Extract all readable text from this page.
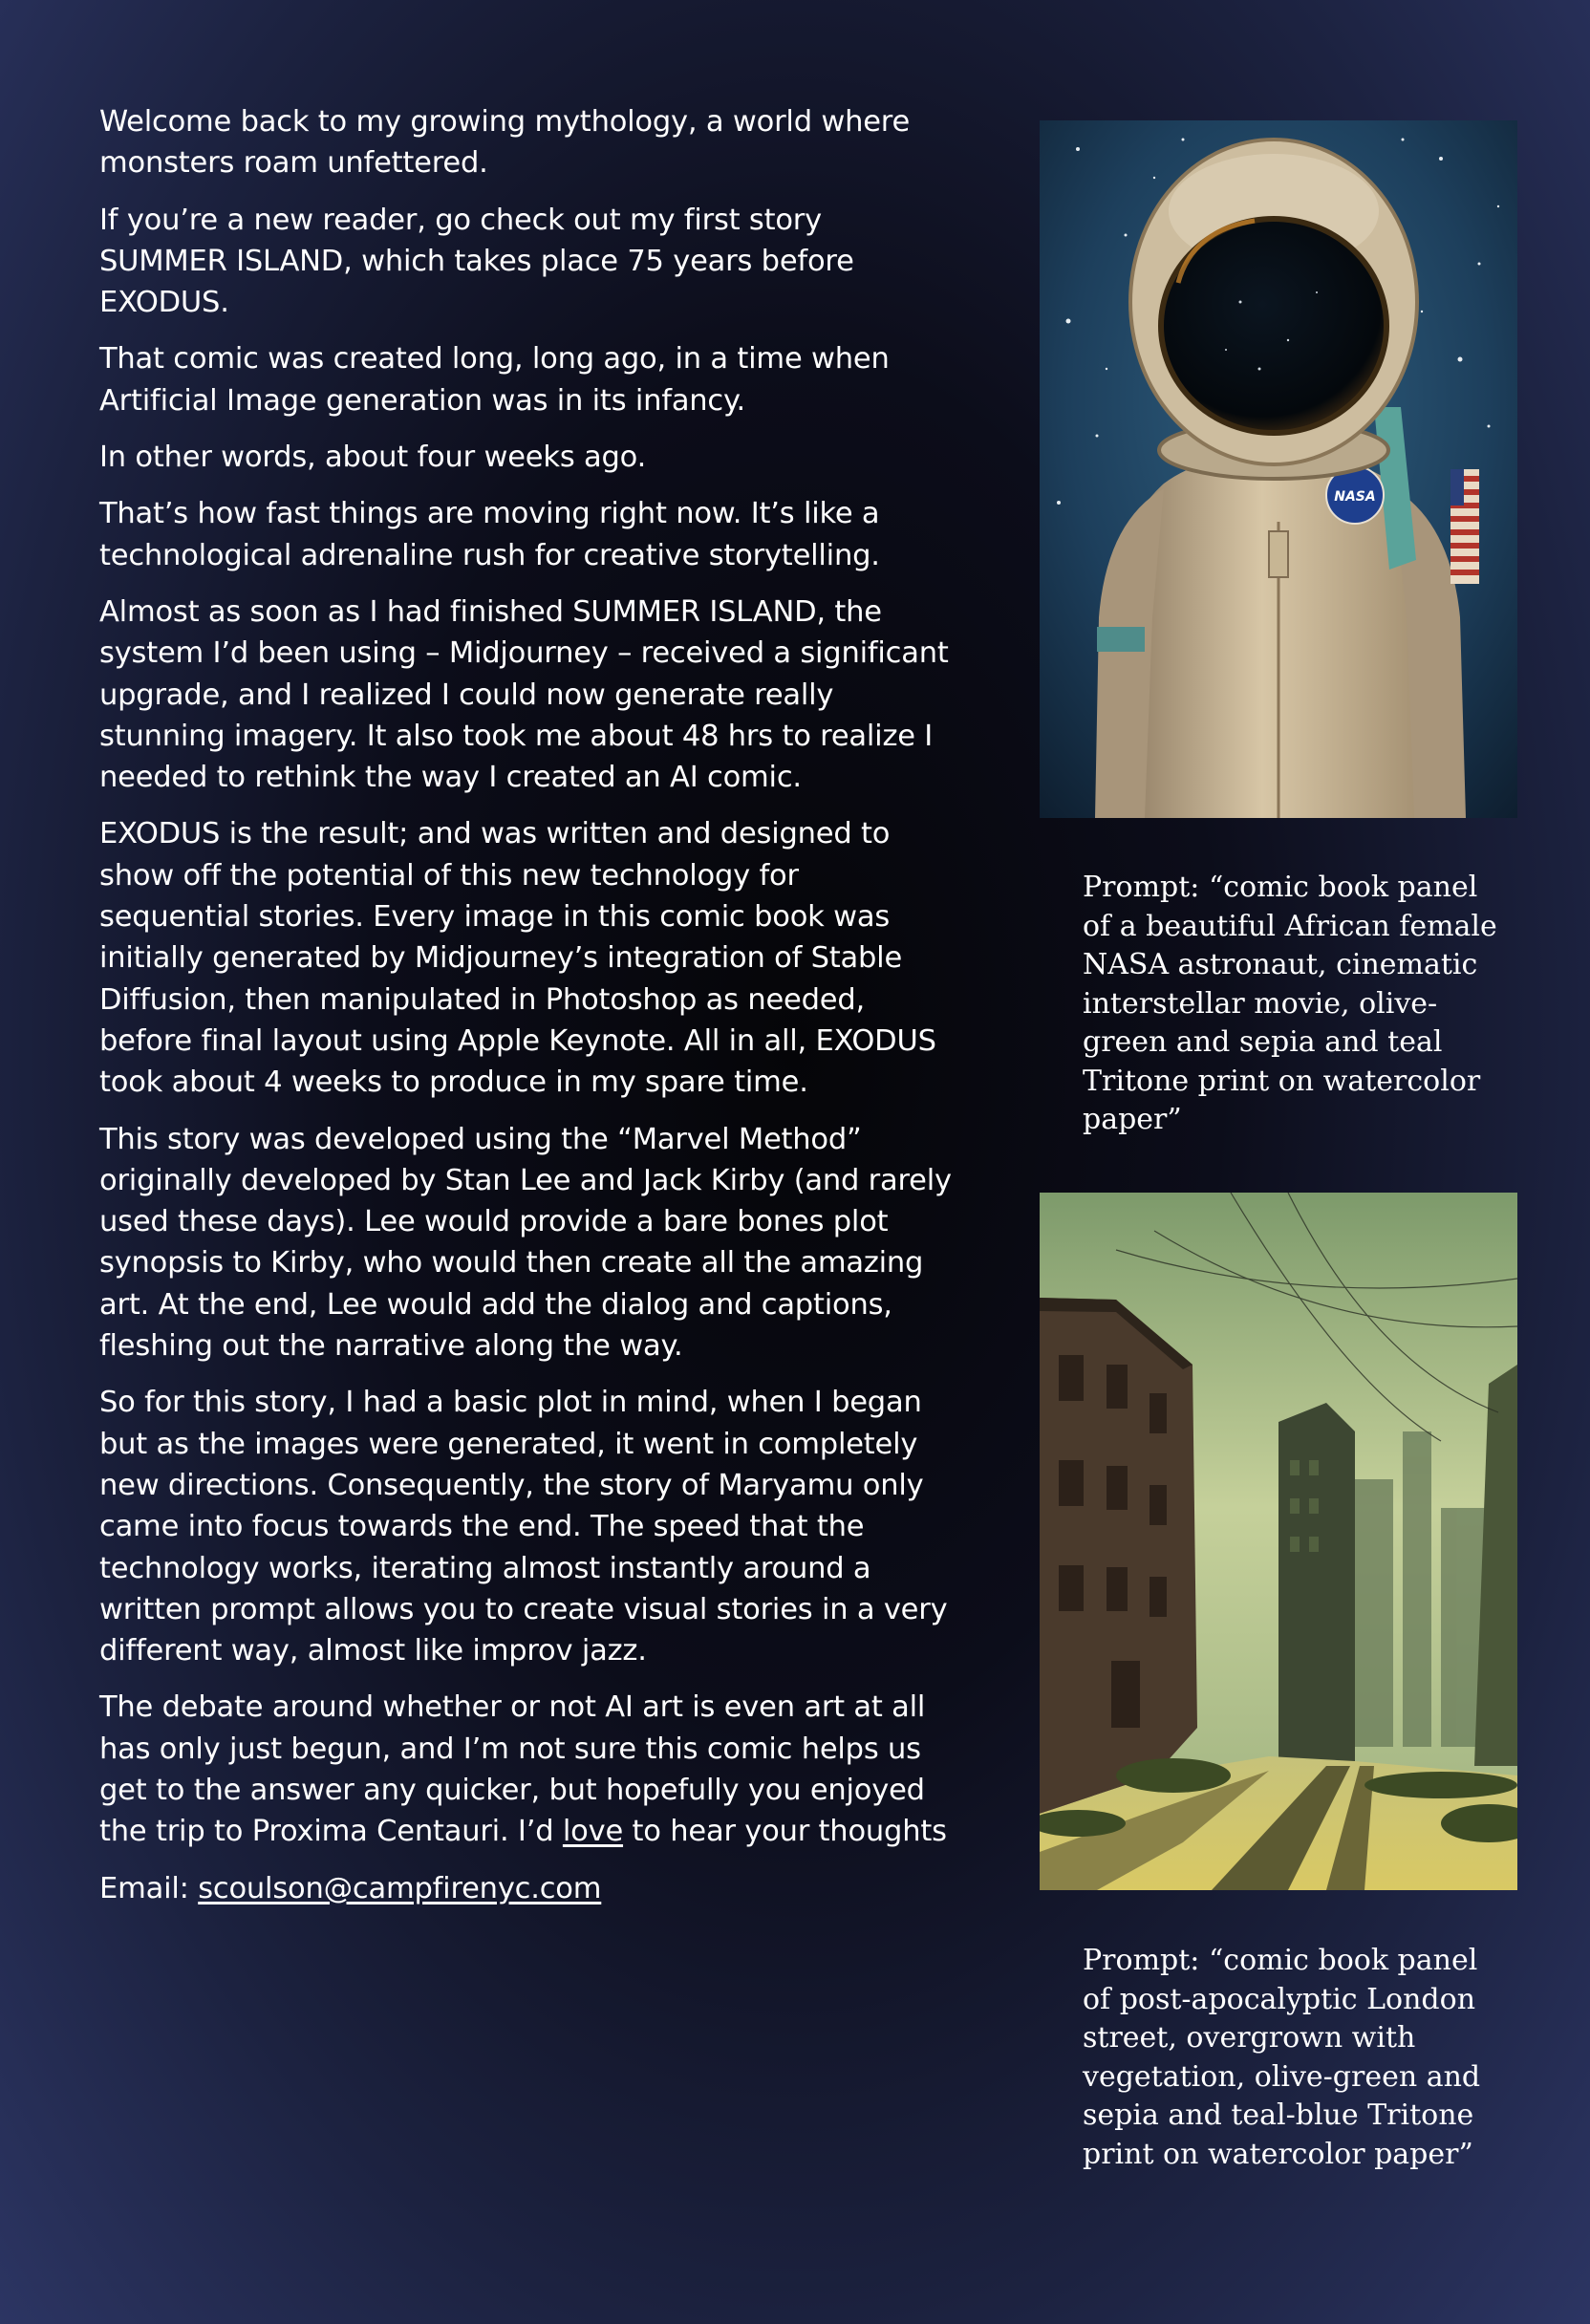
Welcome back to my growing mythology, a world where monsters roam unfettered.

If you’re a new reader, go check out my first story SUMMER ISLAND, which takes place 75 years before EXODUS.

That comic was created long, long ago, in a time when Artificial Image generation was in its infancy.

In other words, about four weeks ago.

That’s how fast things are moving right now. It’s like a technological adrenaline rush for creative storytelling.

Almost as soon as I had finished SUMMER ISLAND, the system I’d been using – Midjourney – received a significant upgrade, and I realized I could now generate really stunning imagery. It also took me about 48 hrs to realize I needed to rethink the way I created an AI comic.

EXODUS is the result; and was written and designed to show off the potential of this new technology for sequential stories. Every image in this comic book was initially generated by Midjourney’s integration of Stable Diffusion, then manipulated in Photoshop as needed, before final layout using Apple Keynote. All in all, EXODUS took about 4 weeks to produce in my spare time.

This story was developed using the “Marvel Method” originally developed by Stan Lee and Jack Kirby (and rarely used these days). Lee would provide a bare bones plot synopsis to Kirby, who would then create all the amazing art. At the end, Lee would add the dialog and captions, fleshing out the narrative along the way.

So for this story, I had a basic plot in mind, when I began but as the images were generated, it went in completely new directions. Consequently, the story of Maryamu only came into focus towards the end. The speed that the technology works, iterating almost instantly around a written prompt allows you to create visual stories in a very different way, almost like improv jazz.

The debate around whether or not AI art is even art at all has only just begun, and I’m not sure this comic helps us get to the answer any quicker, but hopefully you enjoyed the trip to Proxima Centauri. I’d love to hear your thoughts

Email: scoulson@campfirenyc.com

NASA

Prompt: “comic book panel of a beautiful African female NASA astronaut, cinematic interstellar movie, olive-green and sepia and teal Tritone print on watercolor paper”

Prompt: “comic book panel of post-apocalyptic London street, overgrown with vegetation, olive-green and sepia and teal-blue Tritone print on watercolor paper”
